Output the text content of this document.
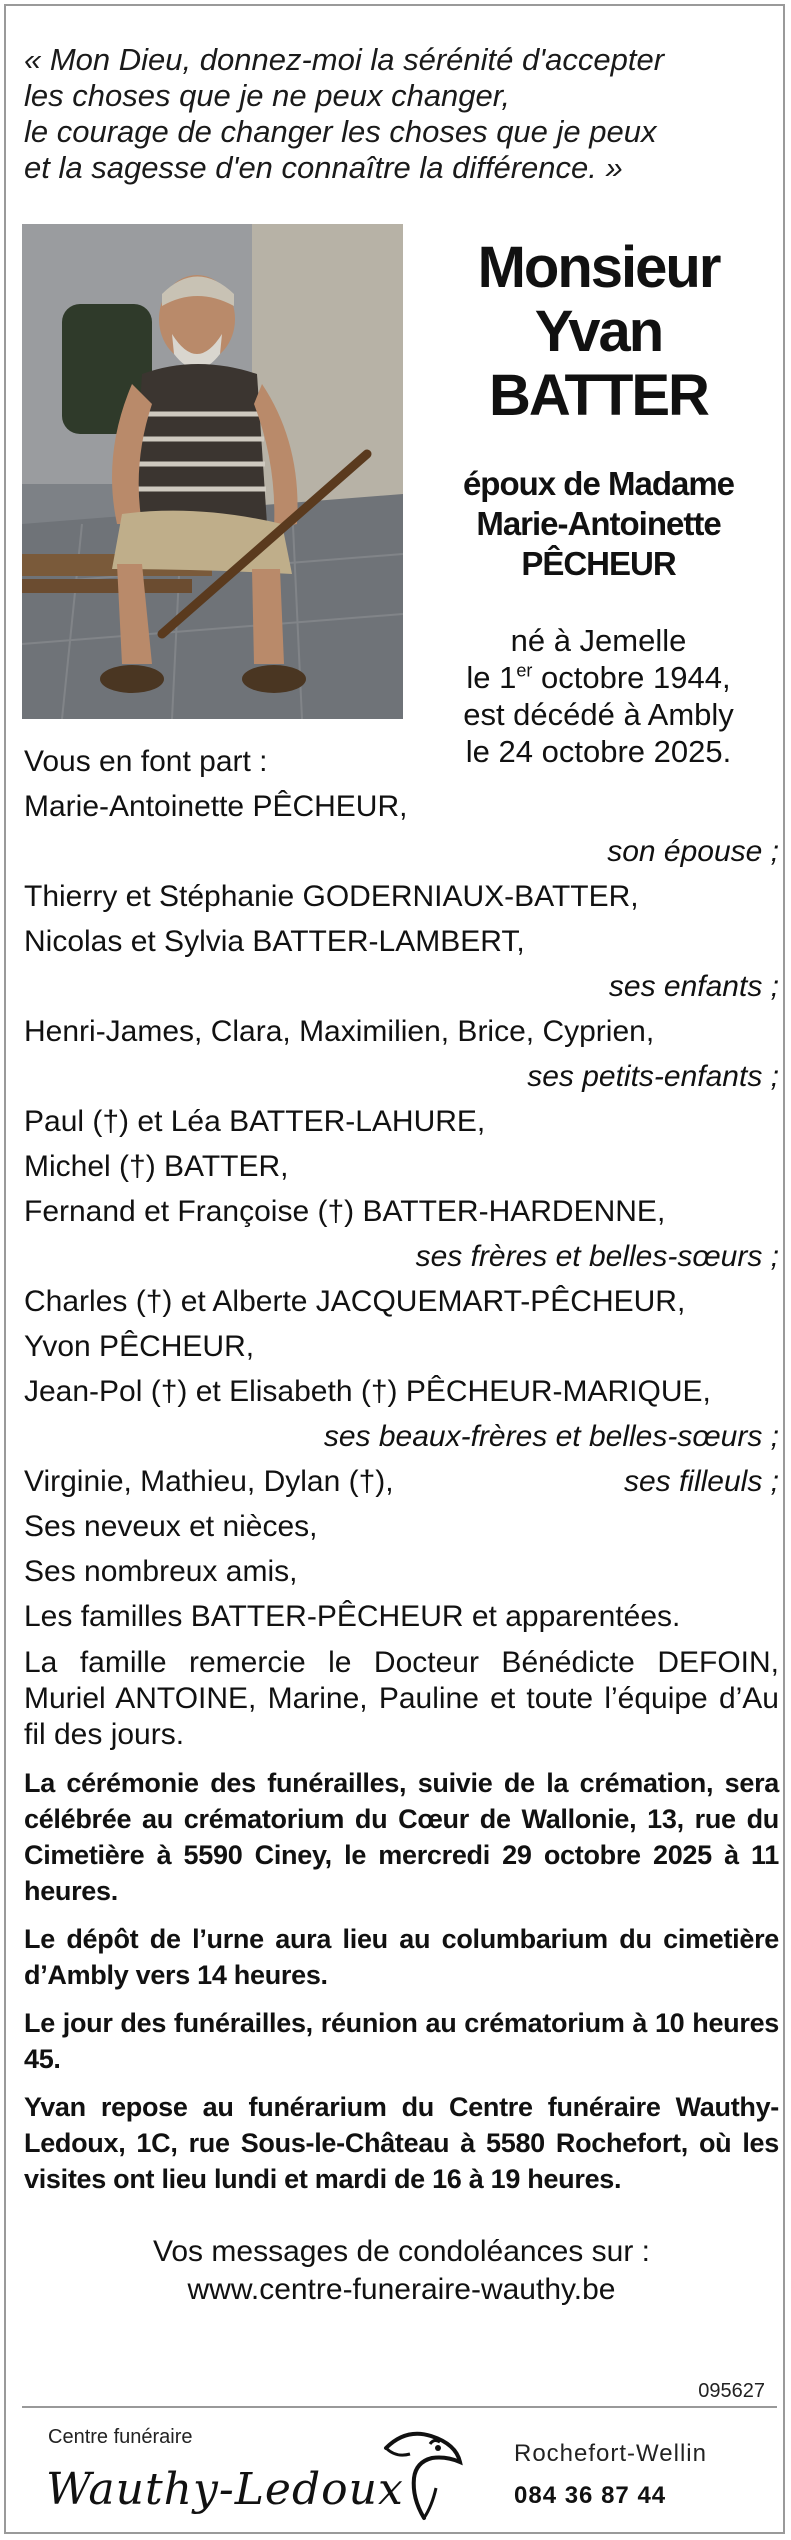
« Mon Dieu, donnez-moi la sérénité d'accepter
les choses que je ne peux changer,
le courage de changer les choses que je peux
et la sagesse d'en connaître la différence. »
Monsieur
Yvan BATTER
époux de Madame
Marie-Antoinette
PÊCHEUR
né à Jemelle
le 1er octobre 1944,
est décédé à Ambly
le 24 octobre 2025.
Vous en font part :
Marie-Antoinette PÊCHEUR,
son épouse ;
Thierry et Stéphanie GODERNIAUX-BATTER,
Nicolas et Sylvia BATTER-LAMBERT,
ses enfants ;
Henri-James, Clara, Maximilien, Brice, Cyprien,
ses petits-enfants ;
Paul (†) et Léa BATTER-LAHURE,
Michel (†) BATTER,
Fernand et Françoise (†) BATTER-HARDENNE,
ses frères et belles-sœurs ;
Charles (†) et Alberte JACQUEMART-PÊCHEUR,
Yvon PÊCHEUR,
Jean-Pol (†) et Elisabeth (†) PÊCHEUR-MARIQUE,
ses beaux-frères et belles-sœurs ;
Virginie, Mathieu, Dylan (†),	ses filleuls ;
Ses neveux et nièces,
Ses nombreux amis,
Les familles BATTER-PÊCHEUR et apparentées.
La famille remercie le Docteur Bénédicte DEFOIN, Muriel ANTOINE, Marine, Pauline et toute l’équipe d’Au fil des jours.
La cérémonie des funérailles, suivie de la crémation, sera célébrée au crématorium du Cœur de Wallonie, 13, rue du Cimetière à 5590 Ciney, le mercredi 29 octobre 2025 à 11 heures.
Le dépôt de l’urne aura lieu au columbarium du cimetière d’Ambly vers 14 heures.
Le jour des funérailles, réunion au crématorium à 10 heures 45.
Yvan repose au funérarium du Centre funéraire Wauthy-Ledoux, 1C, rue Sous-le-Château à 5580 Rochefort, où les visites ont lieu lundi et mardi de 16 à 19 heures.
Vos messages de condoléances sur :
www.centre-funeraire-wauthy.be
095627
Centre funéraire
Wauthy-Ledoux
Rochefort-Wellin
084 36 87 44
